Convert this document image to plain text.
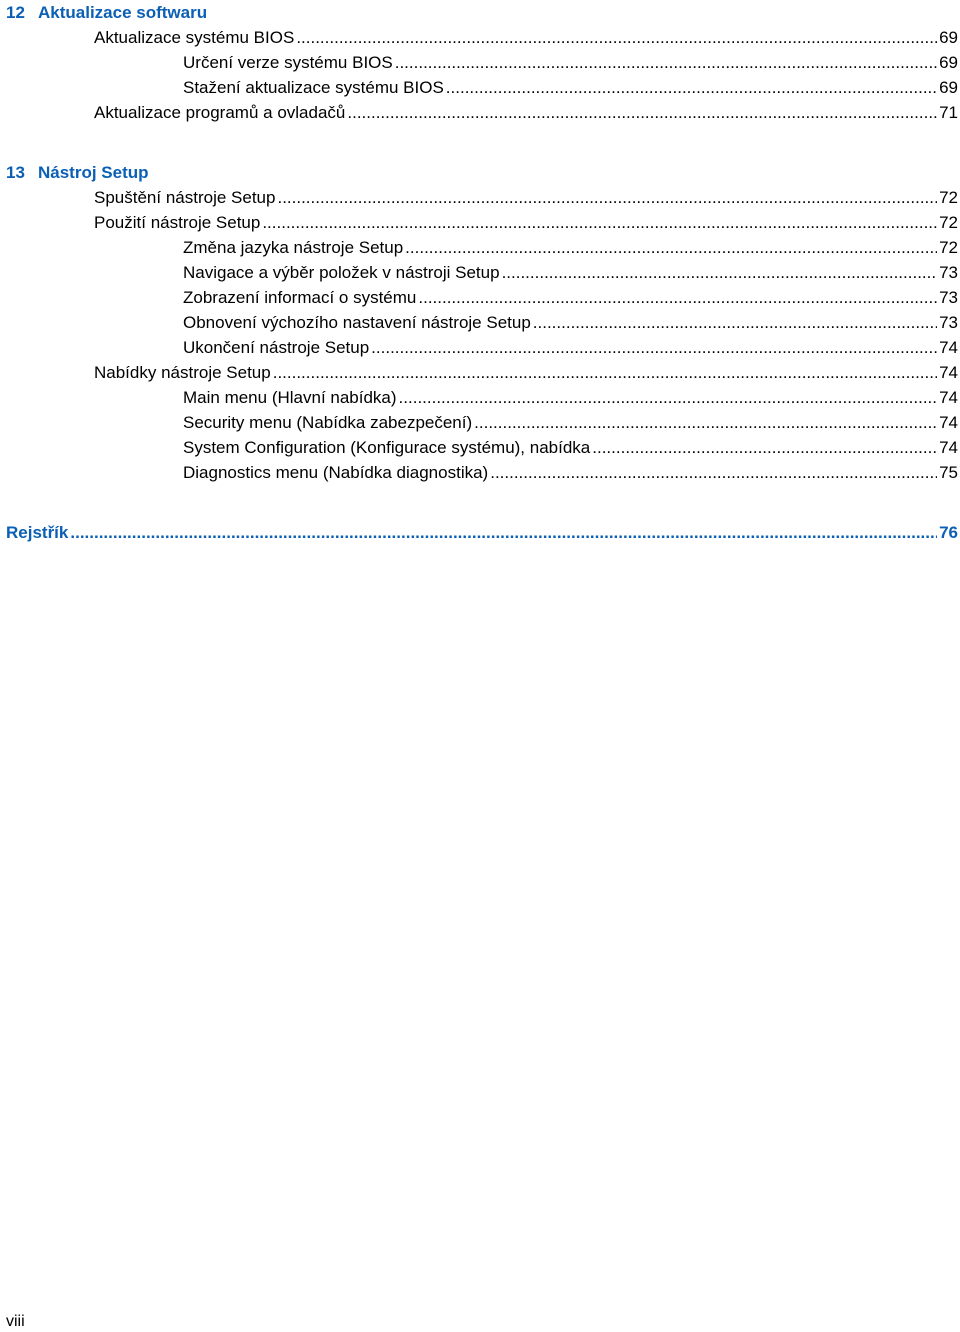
12 Aktualizace softwaru
Aktualizace systému BIOS .....	69
Určení verze systému BIOS .....	69
Stažení aktualizace systému BIOS .....	69
Aktualizace programů a ovladačů .....	71
13 Nástroj Setup
Spuštění nástroje Setup .....	72
Použití nástroje Setup .....	72
Změna jazyka nástroje Setup .....	72
Navigace a výběr položek v nástroji Setup .....	73
Zobrazení informací o systému .....	73
Obnovení výchozího nastavení nástroje Setup .....	73
Ukončení nástroje Setup .....	74
Nabídky nástroje Setup .....	74
Main menu (Hlavní nabídka) .....	74
Security menu (Nabídka zabezpečení) .....	74
System Configuration (Konfigurace systému), nabídka .....	74
Diagnostics menu (Nabídka diagnostika) .....	75
Rejstřík .....	76
viii
